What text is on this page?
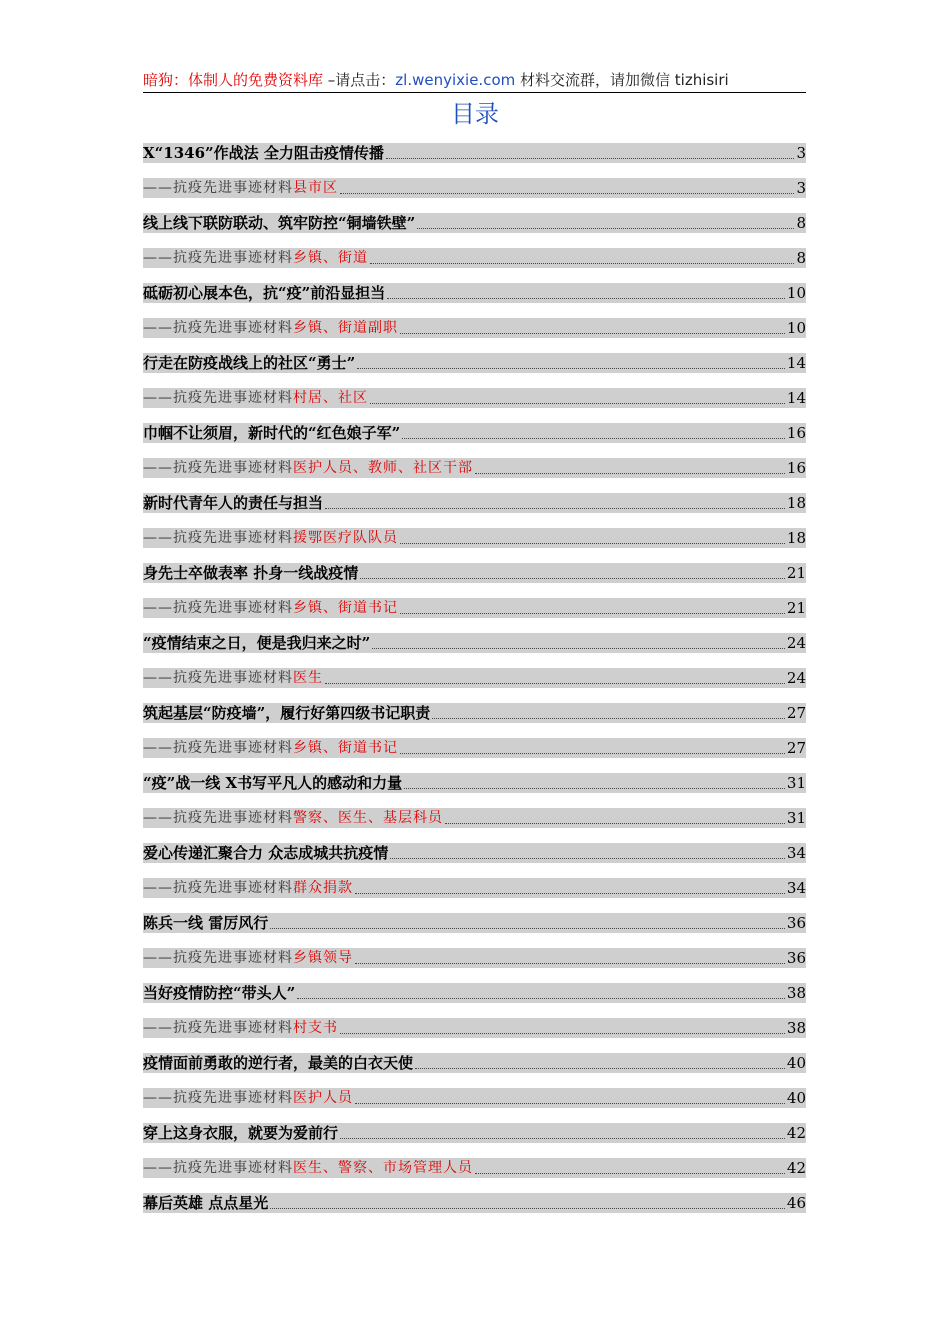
暗狗：体制人的免费资料库 –请点击：zl.wenyixie.com 材料交流群，请加微信 tizhisiri
目录
X“1346”作战法 全力阻击疫情传播	3
——抗疫先进事迹材料县市区	3
线上线下联防联动、筑牢防控“铜墙铁壁”	8
——抗疫先进事迹材料乡镇、街道	8
砥砺初心展本色，抗“疫”前沿显担当	10
——抗疫先进事迹材料乡镇、街道副职	10
行走在防疫战线上的社区“勇士”	14
——抗疫先进事迹材料村居、社区	14
巾帼不让须眉，新时代的“红色娘子军”	16
——抗疫先进事迹材料医护人员、教师、社区干部	16
新时代青年人的责任与担当	18
——抗疫先进事迹材料援鄂医疗队队员	18
身先士卒做表率 扑身一线战疫情	21
——抗疫先进事迹材料乡镇、街道书记	21
“疫情结束之日，便是我归来之时”	24
——抗疫先进事迹材料医生	24
筑起基层“防疫墙”，履行好第四级书记职责	27
——抗疫先进事迹材料乡镇、街道书记	27
“疫”战一线 X书写平凡人的感动和力量	31
——抗疫先进事迹材料警察、医生、基层科员	31
爱心传递汇聚合力 众志成城共抗疫情	34
——抗疫先进事迹材料群众捐款	34
陈兵一线 雷厉风行	36
——抗疫先进事迹材料乡镇领导	36
当好疫情防控“带头人”	38
——抗疫先进事迹材料村支书	38
疫情面前勇敢的逆行者，最美的白衣天使	40
——抗疫先进事迹材料医护人员	40
穿上这身衣服，就要为爱前行	42
——抗疫先进事迹材料医生、警察、市场管理人员	42
幕后英雄 点点星光	46
